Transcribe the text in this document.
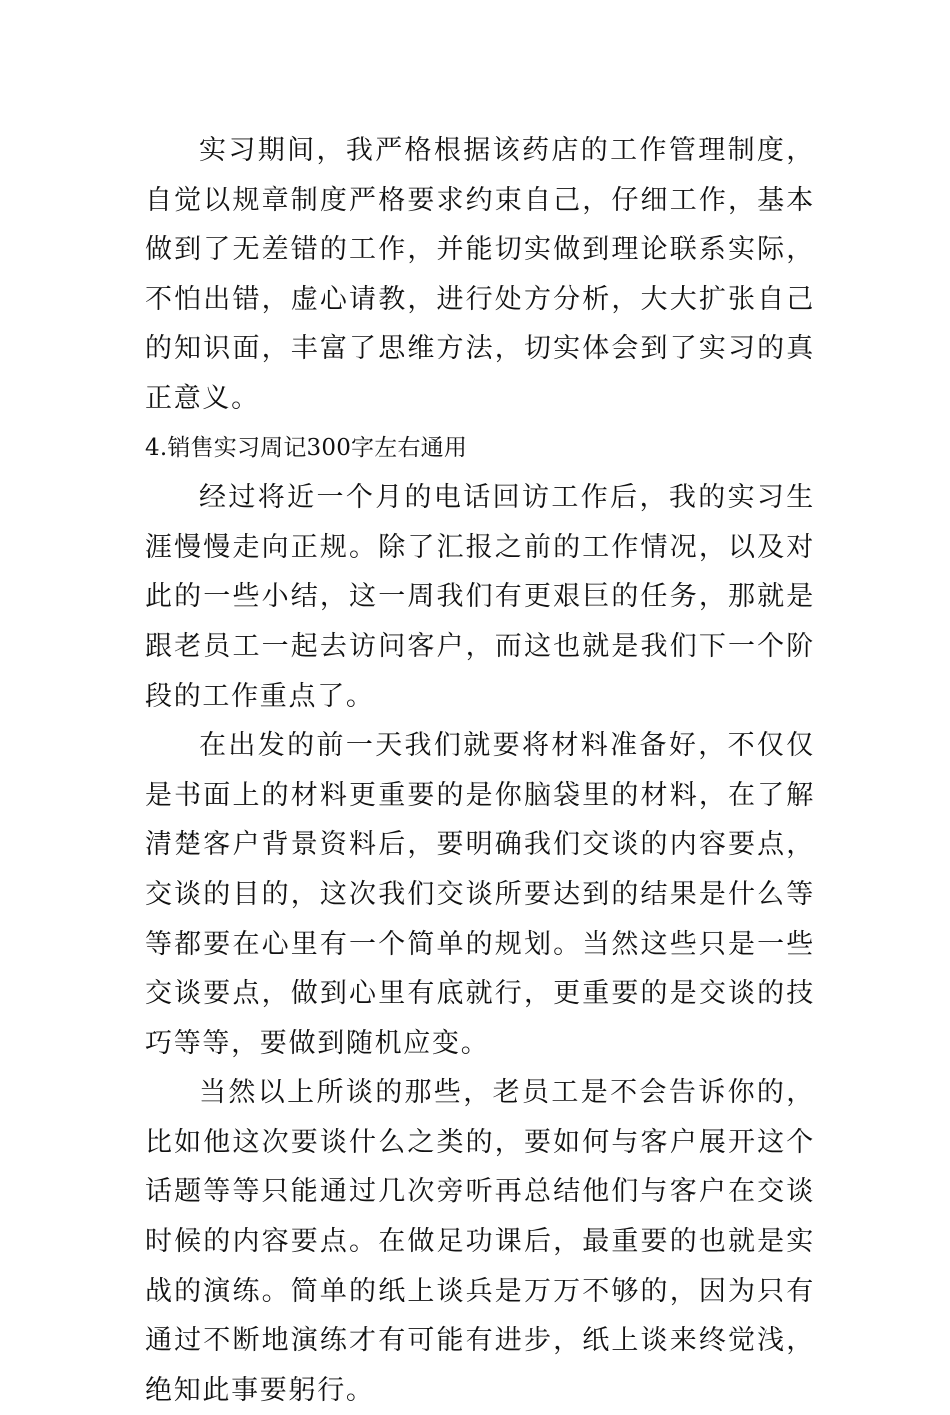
实习期间，我严格根据该药店的工作管理制度，自觉以规章制度严格要求约束自己，仔细工作，基本做到了无差错的工作，并能切实做到理论联系实际，不怕出错，虚心请教，进行处方分析，大大扩张自己的知识面，丰富了思维方法，切实体会到了实习的真正意义。

4.销售实习周记300字左右通用

经过将近一个月的电话回访工作后，我的实习生涯慢慢走向正规。除了汇报之前的工作情况，以及对此的一些小结，这一周我们有更艰巨的任务，那就是跟老员工一起去访问客户，而这也就是我们下一个阶段的工作重点了。

在出发的前一天我们就要将材料准备好，不仅仅是书面上的材料更重要的是你脑袋里的材料，在了解清楚客户背景资料后，要明确我们交谈的内容要点，交谈的目的，这次我们交谈所要达到的结果是什么等等都要在心里有一个简单的规划。当然这些只是一些交谈要点，做到心里有底就行，更重要的是交谈的技巧等等，要做到随机应变。

当然以上所谈的那些，老员工是不会告诉你的，比如他这次要谈什么之类的，要如何与客户展开这个话题等等只能通过几次旁听再总结他们与客户在交谈时候的内容要点。在做足功课后，最重要的也就是实战的演练。简单的纸上谈兵是万万不够的，因为只有通过不断地演练才有可能有进步，纸上谈来终觉浅，绝知此事要躬行。
